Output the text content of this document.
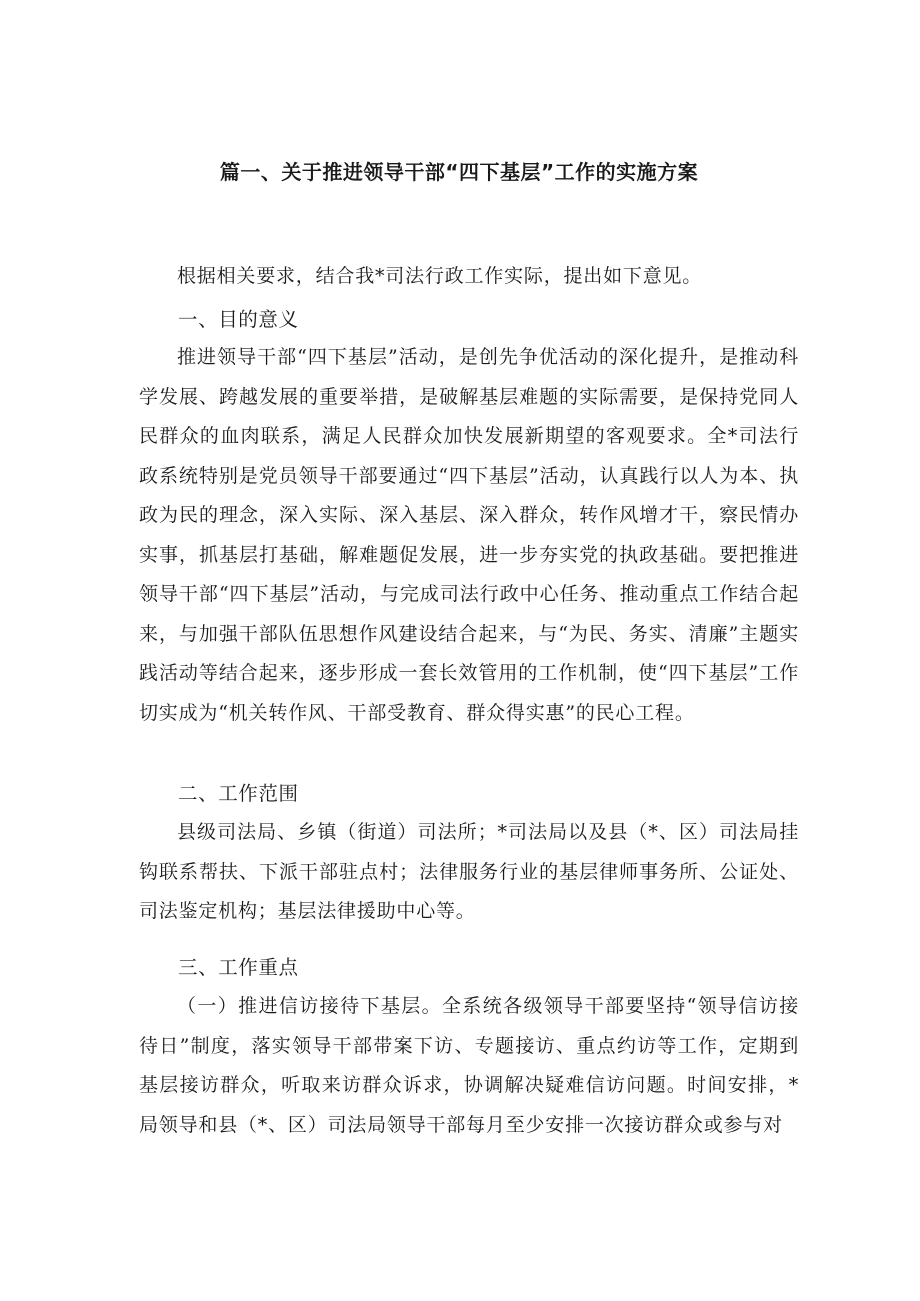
篇一、关于推进领导干部“四下基层”工作的实施方案

根据相关要求，结合我*司法行政工作实际，提出如下意见。

一、目的意义

推进领导干部“四下基层”活动，是创先争优活动的深化提升，是推动科学发展、跨越发展的重要举措，是破解基层难题的实际需要，是保持党同人民群众的血肉联系，满足人民群众加快发展新期望的客观要求。全*司法行政系统特别是党员领导干部要通过“四下基层”活动，认真践行以人为本、执政为民的理念，深入实际、深入基层、深入群众，转作风增才干，察民情办实事，抓基层打基础，解难题促发展，进一步夯实党的执政基础。要把推进领导干部“四下基层”活动，与完成司法行政中心任务、推动重点工作结合起来，与加强干部队伍思想作风建设结合起来，与“为民、务实、清廉”主题实践活动等结合起来，逐步形成一套长效管用的工作机制，使“四下基层”工作切实成为“机关转作风、干部受教育、群众得实惠”的民心工程。

二、工作范围

县级司法局、乡镇（街道）司法所；*司法局以及县（*、区）司法局挂钩联系帮扶、下派干部驻点村；法律服务行业的基层律师事务所、公证处、司法鉴定机构；基层法律援助中心等。

三、工作重点

（一）推进信访接待下基层。全系统各级领导干部要坚持“领导信访接待日”制度，落实领导干部带案下访、专题接访、重点约访等工作，定期到基层接访群众，听取来访群众诉求，协调解决疑难信访问题。时间安排，*局领导和县（*、区）司法局领导干部每月至少安排一次接访群众或参与对
